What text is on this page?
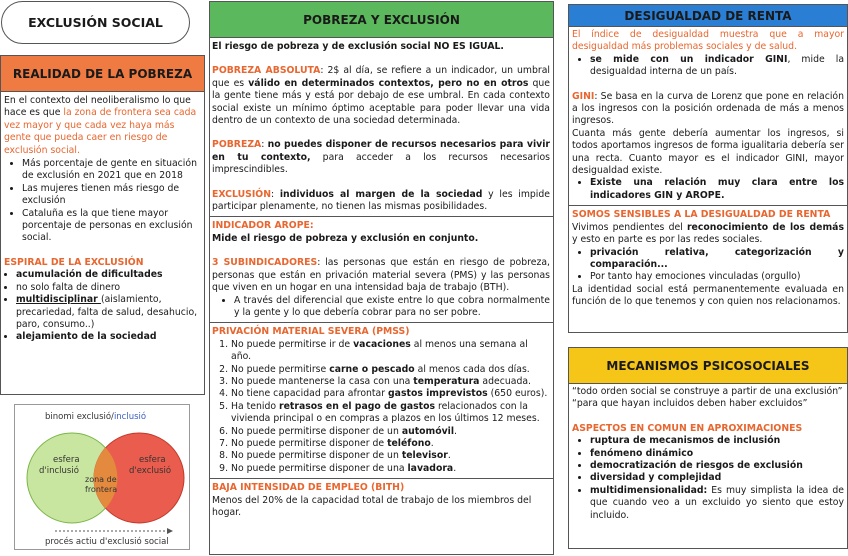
EXCLUSIÓN SOCIAL
REALIDAD DE LA POBREZA

En el contexto del neoliberalismo lo que hace es que la zona de frontera sea cada vez mayor y que cada vez haya más gente que pueda caer en riesgo de exclusión social.

• Más porcentaje de gente en situación de exclusión en 2021 que en 2018
• Las mujeres tienen más riesgo de exclusión
• Cataluña es la que tiene mayor porcentaje de personas en exclusión social.

ESPIRAL DE LA EXCLUSIÓN

• acumulación de dificultades
• no solo falta de dinero
• multidisciplinar (aislamiento, precariedad, falta de salud, desahucio, paro, consumo..)
• alejamiento de la sociedad
binomi exclusió/inclusió
esfera
d'inclusió
esfera
d'exclusió
zona de
frontera
procés actiu d'exclusió social
POBREZA Y EXCLUSIÓN

El riesgo de pobreza y de exclusión social NO ES IGUAL.

POBREZA ABSOLUTA: 2$ al día, se refiere a un indicador, un umbral que es válido en determinados contextos, pero no en otros que la gente tiene más y está por debajo de ese umbral. En cada contexto social existe un mínimo óptimo aceptable para poder llevar una vida dentro de un contexto de una sociedad determinada.

POBREZA: no puedes disponer de recursos necesarios para vivir en tu contexto, para acceder a los recursos necesarios imprescindibles.

EXCLUSIÓN: individuos al margen de la sociedad y les impide participar plenamente, no tienen las mismas posibilidades.

INDICADOR AROPE:

Mide el riesgo de pobreza y exclusión en conjunto.

3 SUBINDICADORES: las personas que están en riesgo de pobreza, personas que están en privación material severa (PMS) y las personas que viven en un hogar en una intensidad baja de trabajo (BTH).

• A través del diferencial que existe entre lo que cobra normalmente y la gente y lo que debería cobrar para no ser pobre.

PRIVACIÓN MATERIAL SEVERA (PMSS)

1. No puede permitirse ir de vacaciones al menos una semana al año.
2. No puede permitirse carne o pescado al menos cada dos días.
3. No puede mantenerse la casa con una temperatura adecuada.
4. No tiene capacidad para afrontar gastos imprevistos (650 euros).
5. Ha tenido retrasos en el pago de gastos relacionados con la vivienda principal o en compras a plazos en los últimos 12 meses.
6. No puede permitirse disponer de un automóvil.
7. No puede permitirse disponer de teléfono.
8. No puede permitirse disponer de un televisor.
9. No puede permitirse disponer de una lavadora.

BAJA INTENSIDAD DE EMPLEO (BITH)

Menos del 20% de la capacidad total de trabajo de los miembros del hogar.

DESIGUALDAD DE RENTA

El índice de desigualdad muestra que a mayor desigualdad más problemas sociales y de salud.

• se mide con un indicador GINI, mide la desigualdad interna de un país.

GINI: Se basa en la curva de Lorenz que pone en relación a los ingresos con la posición ordenada de más a menos ingresos.

Cuanta más gente debería aumentar los ingresos, si todos aportamos ingresos de forma igualitaria debería ser una recta. Cuanto mayor es el indicador GINI, mayor desigualdad existe.

• Existe una relación muy clara entre los indicadores GIN y AROPE.

SOMOS SENSIBLES A LA DESIGUALDAD DE RENTA

Vivimos pendientes del reconocimiento de los demás y esto en parte es por las redes sociales.

• privación relativa, categorización y comparación...
• Por tanto hay emociones vinculadas (orgullo)

La identidad social está permanentemente evaluada en función de lo que tenemos y con quien nos relacionamos.

MECANISMOS PSICOSOCIALES

“todo orden social se construye a partir de una exclusión”

“para que hayan incluidos deben haber excluidos”

ASPECTOS EN COMUN EN APROXIMACIONES

• ruptura de mecanismos de inclusión
• fenómeno dinámico
• democratización de riesgos de exclusión
• diversidad y complejidad
• multidimensionalidad: Es muy simplista la idea de que cuando veo a un excluido yo siento que estoy incluido.
